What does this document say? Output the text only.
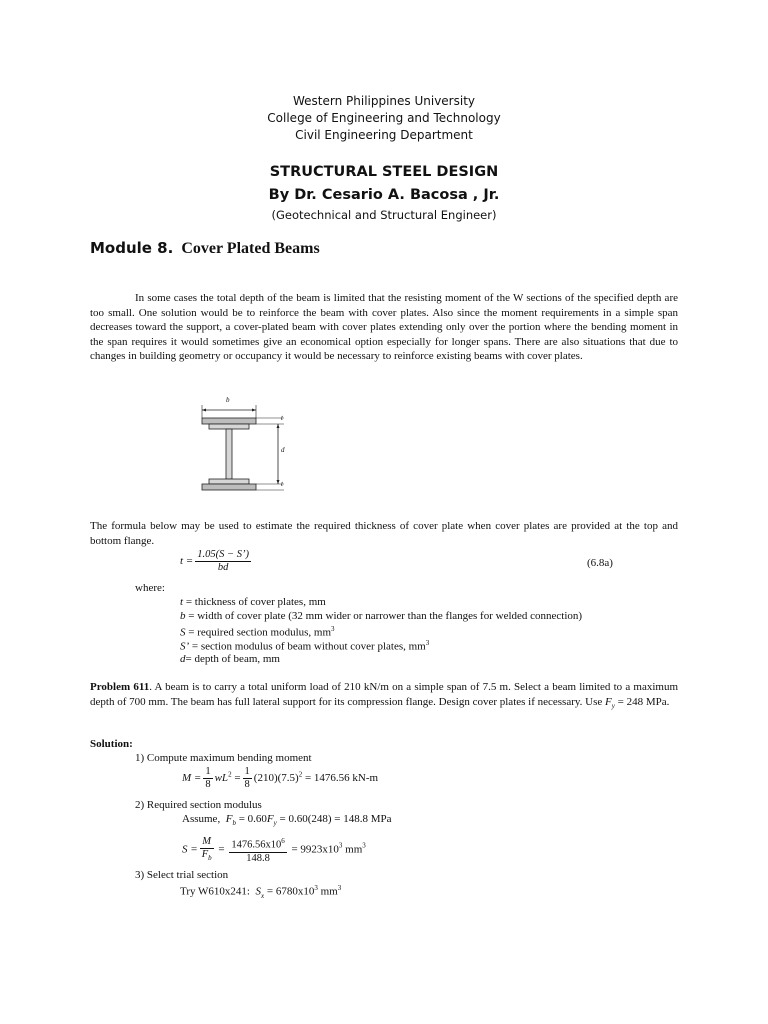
Western Philippines University
College of Engineering and Technology
Civil Engineering Department
STRUCTURAL STEEL DESIGN
By Dr. Cesario A. Bacosa , Jr.
(Geotechnical and Structural Engineer)
Module 8. Cover Plated Beams
In some cases the total depth of the beam is limited that the resisting moment of the W sections of the specified depth are too small. One solution would be to reinforce the beam with cover plates. Also since the moment requirements in a simple span decreases toward the support, a cover-plated beam with cover plates extending only over the portion where the bending moment in the span requires it would sometimes give an economical option especially for longer spans. There are also situations that due to changes in building geometry or occupancy it would be necessary to reinforce existing beams with cover plates.
b
t
d
t
The formula below may be used to estimate the required thickness of cover plate when cover plates are provided at the top and bottom flange.
$t = \frac{1.05(S - S’)}{bd}$	(6.8a)
where:
t = thickness of cover plates, mm
b = width of cover plate (32 mm wider or narrower than the flanges for welded connection)
S = required section modulus, $mm^3$
S’ = section modulus of beam without cover plates, $mm^3$
d= depth of beam, mm
Problem 611. A beam is to carry a total uniform load of 210 kN/m on a simple span of 7.5 m. Select a beam limited to a maximum depth of 700 mm. The beam has full lateral support for its compression flange. Design cover plates if necessary. Use $F_y = 248$ MPa.
Solution:
1) Compute maximum bending moment
$M = \frac{1}{8} wL^2 = \frac{1}{8} (210)(7.5)^2 = 1476.56$ kN-m
2) Required section modulus
Assume, $F_b = 0.60F_y = 0.60(248) = 148.8$ MPa
$S = \frac{M}{F_b} = \frac{1476.56x10^6}{148.8} = 9923x10^3$ $mm^3$
3) Select trial section
Try W610x241: $S_x = 6780x10^3$ $mm^3$
